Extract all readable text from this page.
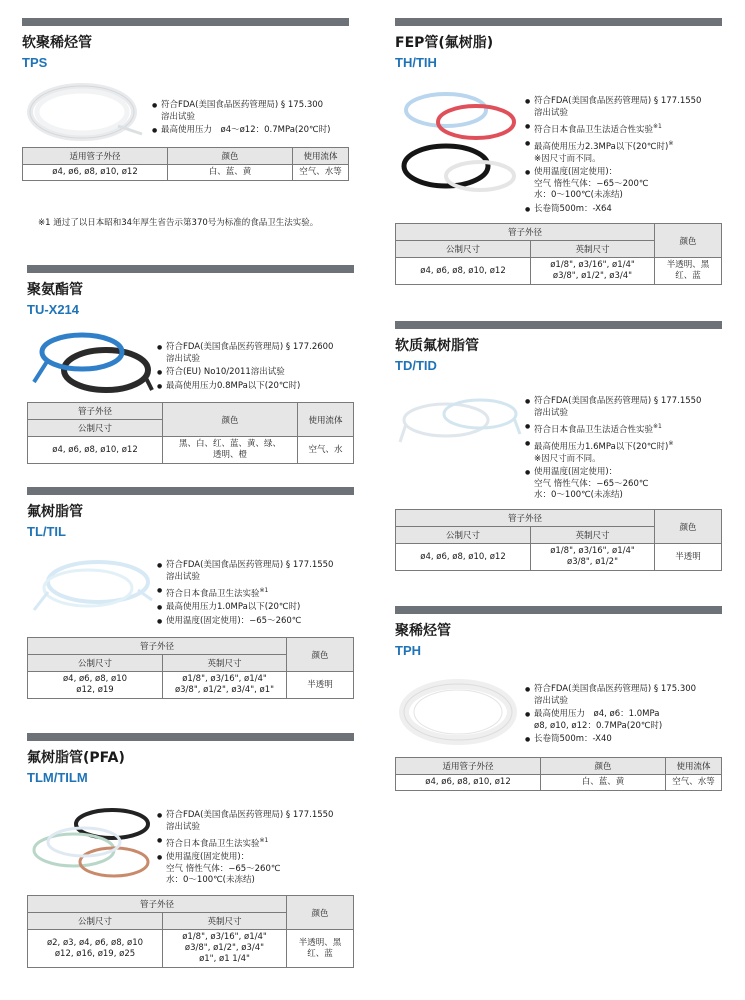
软聚稀烃管
TPS
● 符合FDA(美国食品医药管理局) § 175.300
溶出试验
● 最高使用压力　ø4～ø12：0.7MPa(20℃时)
适用管子外径	颜色	使用流体
ø4, ø6, ø8, ø10, ø12	白、蓝、黄	空气、水等
※1 通过了以日本昭和34年厚生省告示第370号为标准的食品卫生法实验。
聚氨酯管
TU-X214
● 符合FDA(美国食品医药管理局) § 177.2600
溶出试验
● 符合(EU) No10/2011溶出试验
● 最高使用压力0.8MPa以下(20℃时)
管子外径	颜色	使用流体
公制尺寸		
ø4, ø6, ø8, ø10, ø12	黑、白、红、蓝、黄、绿、
透明、橙	空气、水
氟树脂管
TL/TIL
● 符合FDA(美国食品医药管理局) § 177.1550
溶出试验
● 符合日本食品卫生法实验$^{※1}$
● 最高使用压力1.0MPa以下(20℃时)
● 使用温度(固定使用)：−65～260℃
管子外径		颜色
公制尺寸	英制尺寸	
ø4, ø6, ø8, ø10
ø12, ø19	ø1/8", ø3/16", ø1/4"
ø3/8", ø1/2", ø3/4", ø1"	半透明
氟树脂管(PFA)
TLM/TILM
● 符合FDA(美国食品医药管理局) § 177.1550
溶出试验
● 符合日本食品卫生法实验$^{※1}$
● 使用温度(固定使用)：
空气 惰性气体：−65～260℃
水：0～100℃(未冻结)
管子外径		颜色
公制尺寸	英制尺寸	
ø2, ø3, ø4, ø6, ø8, ø10
ø12, ø16, ø19, ø25	ø1/8", ø3/16", ø1/4"
ø3/8", ø1/2", ø3/4"
ø1", ø1 1/4"	半透明、黑
红、蓝
FEP管(氟树脂)
TH/TIH
● 符合FDA(美国食品医药管理局) § 177.1550
溶出试验
● 符合日本食品卫生法适合性实验$^{※1}$
● 最高使用压力2.3MPa以下(20℃时)※
※因尺寸而不同。
● 使用温度(固定使用)：
空气 惰性气体：−65～200℃
水：0～100℃(未冻结)
● 长卷筒500m：-X64
管子外径		颜色
公制尺寸	英制尺寸	
ø4, ø6, ø8, ø10, ø12	ø1/8", ø3/16", ø1/4"
ø3/8", ø1/2", ø3/4"	半透明、黑
红、蓝
软质氟树脂管
TD/TID
● 符合FDA(美国食品医药管理局) § 177.1550
溶出试验
● 符合日本食品卫生法适合性实验$^{※1}$
● 最高使用压力1.6MPa以下(20℃时)※
※因尺寸而不同。
● 使用温度(固定使用)：
空气 惰性气体：−65～260℃
水：0～100℃(未冻结)
管子外径		颜色
公制尺寸	英制尺寸	
ø4, ø6, ø8, ø10, ø12	ø1/8", ø3/16", ø1/4"
ø3/8", ø1/2"	半透明
聚稀烃管
TPH
● 符合FDA(美国食品医药管理局) § 175.300
溶出试验
● 最高使用压力　ø4, ø6：1.0MPa
ø8, ø10, ø12：0.7MPa(20℃时)
● 长卷筒500m：-X40
适用管子外径	颜色	使用流体
ø4, ø6, ø8, ø10, ø12	白、蓝、黄	空气、水等
